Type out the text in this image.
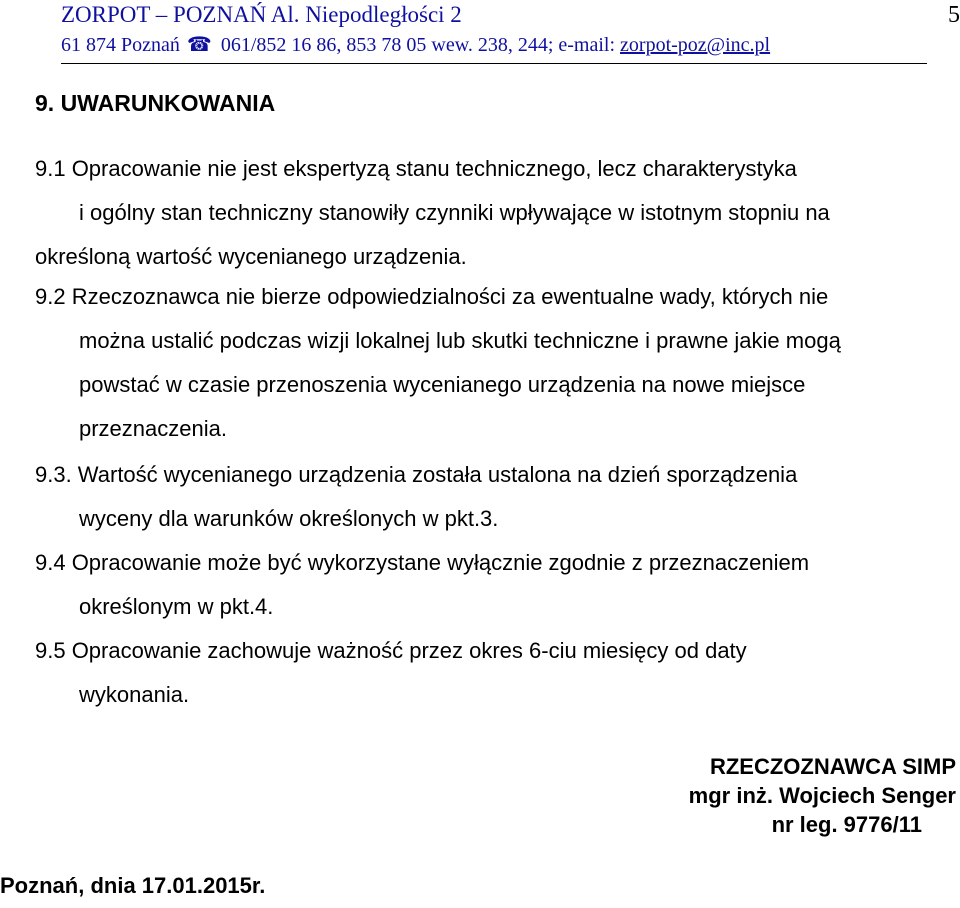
ZORPOT – POZNAŃ Al. Niepodległości 2
61 874 Poznań ☎ 061/852 16 86, 853 78 05 wew. 238, 244; e-mail: zorpot-poz@inc.pl
5
9. UWARUNKOWANIA
9.1 Opracowanie nie jest ekspertyzą stanu technicznego, lecz charakterystyka
i ogólny stan techniczny stanowiły czynniki wpływające w istotnym stopniu na
określoną wartość wycenianego urządzenia.
9.2 Rzeczoznawca nie bierze odpowiedzialności za ewentualne wady, których nie
można ustalić podczas wizji lokalnej lub skutki techniczne i prawne jakie mogą
powstać w czasie przenoszenia wycenianego urządzenia na nowe miejsce
przeznaczenia.
9.3. Wartość wycenianego urządzenia została ustalona na dzień sporządzenia
wyceny dla warunków określonych w pkt.3.
9.4 Opracowanie może być wykorzystane wyłącznie zgodnie z przeznaczeniem
określonym w pkt.4.
9.5 Opracowanie zachowuje ważność przez okres 6-ciu miesięcy od daty
wykonania.
RZECZOZNAWCA SIMP
mgr inż. Wojciech Senger
nr leg. 9776/11
Poznań, dnia 17.01.2015r.
